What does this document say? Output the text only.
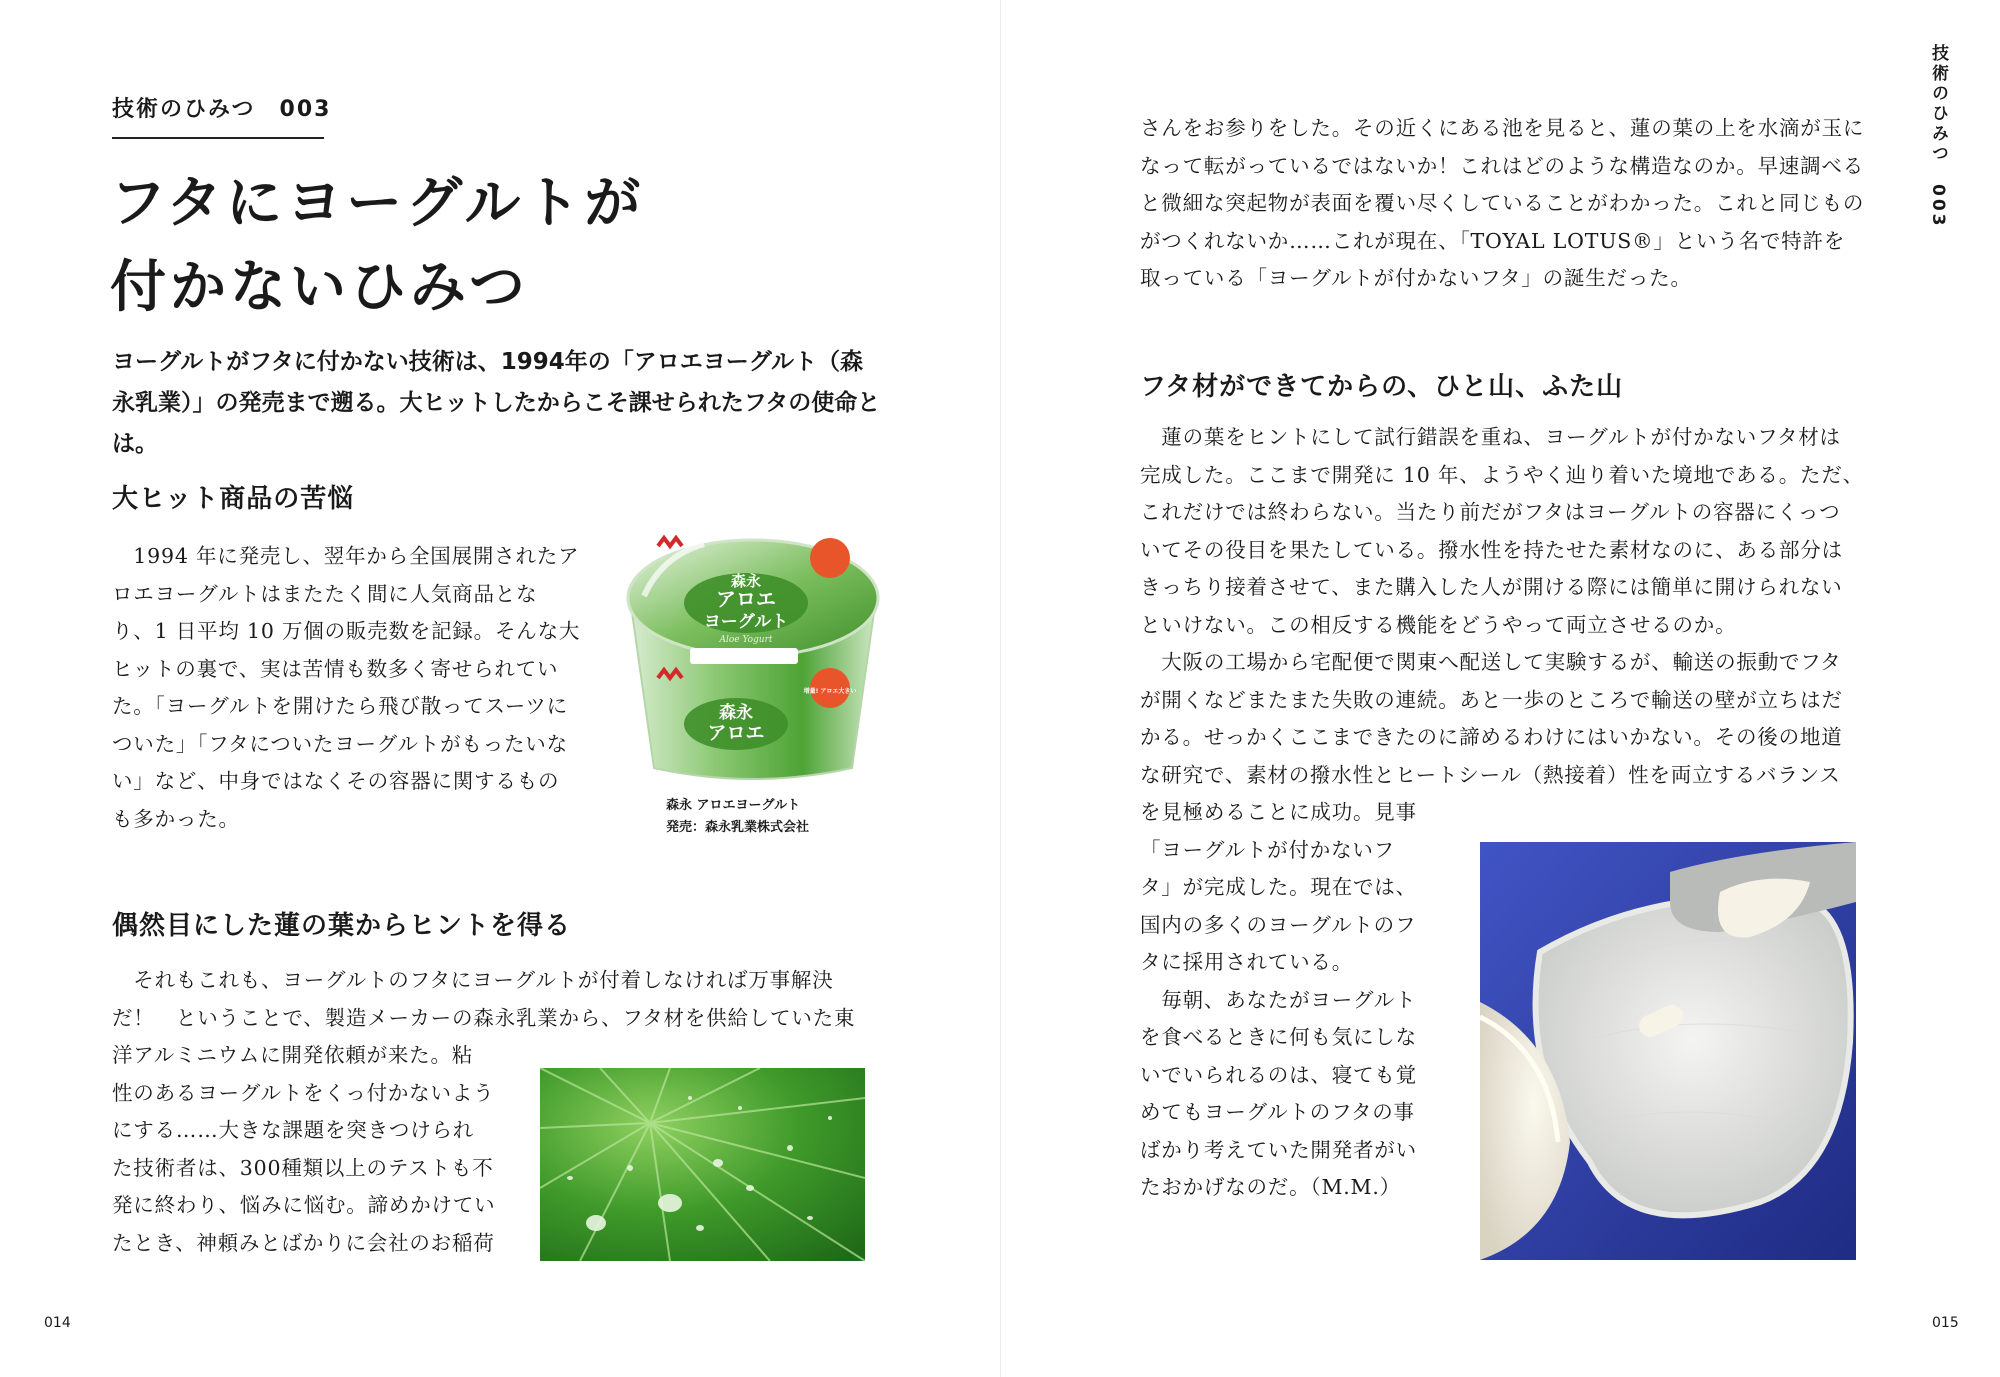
技術のひみつ　003
フタにヨーグルトが
付かないひみつ
ヨーグルトがフタに付かない技術は、1994年の「アロエヨーグルト（森永乳業）」の発売まで遡る。大ヒットしたからこそ課せられたフタの使命とは。
大ヒット商品の苦悩
　1994 年に発売し、翌年から全国展開されたア
ロエヨーグルトはまたたく間に人気商品とな
り、1 日平均 10 万個の販売数を記録。そんな大
ヒットの裏で、実は苦情も数多く寄せられてい
た。「ヨーグルトを開けたら飛び散ってスーツに
ついた」「フタについたヨーグルトがもったいな
い」など、中身ではなくその容器に関するもの
も多かった。
森永
アロエ
ヨーグルト
Aloe Yogurt
森永
アロエ
増量! アロエ大きい
森永 アロエヨーグルト
発売：森永乳業株式会社
偶然目にした蓮の葉からヒントを得る
　それもこれも、ヨーグルトのフタにヨーグルトが付着しなければ万事解決
だ！　ということで、製造メーカーの森永乳業から、フタ材を供給していた東
洋アルミニウムに開発依頼が来た。粘
性のあるヨーグルトをくっ付かないよう
にする……大きな課題を突きつけられ
た技術者は、300種類以上のテストも不
発に終わり、悩みに悩む。諦めかけてい
たとき、神頼みとばかりに会社のお稲荷
014
技術のひみつ　003
さんをお参りをした。その近くにある池を見ると、蓮の葉の上を水滴が玉に
なって転がっているではないか！これはどのような構造なのか。早速調べる
と微細な突起物が表面を覆い尽くしていることがわかった。これと同じもの
がつくれないか……これが現在、「TOYAL LOTUS®」という名で特許を
取っている「ヨーグルトが付かないフタ」の誕生だった。
フタ材ができてからの、ひと山、ふた山
　蓮の葉をヒントにして試行錯誤を重ね、ヨーグルトが付かないフタ材は
完成した。ここまで開発に 10 年、ようやく辿り着いた境地である。ただ、
これだけでは終わらない。当たり前だがフタはヨーグルトの容器にくっつ
いてその役目を果たしている。撥水性を持たせた素材なのに、ある部分は
きっちり接着させて、また購入した人が開ける際には簡単に開けられない
といけない。この相反する機能をどうやって両立させるのか。
　大阪の工場から宅配便で関東へ配送して実験するが、輸送の振動でフタ
が開くなどまたまた失敗の連続。あと一歩のところで輸送の壁が立ちはだ
かる。せっかくここまできたのに諦めるわけにはいかない。その後の地道
な研究で、素材の撥水性とヒートシール（熱接着）性を両立するバランス
を見極めることに成功。見事
「ヨーグルトが付かないフ
タ」が完成した。現在では、
国内の多くのヨーグルトのフ
タに採用されている。
　毎朝、あなたがヨーグルト
を食べるときに何も気にしな
いでいられるのは、寝ても覚
めてもヨーグルトのフタの事
ばかり考えていた開発者がい
たおかげなのだ。（M.M.）
015
